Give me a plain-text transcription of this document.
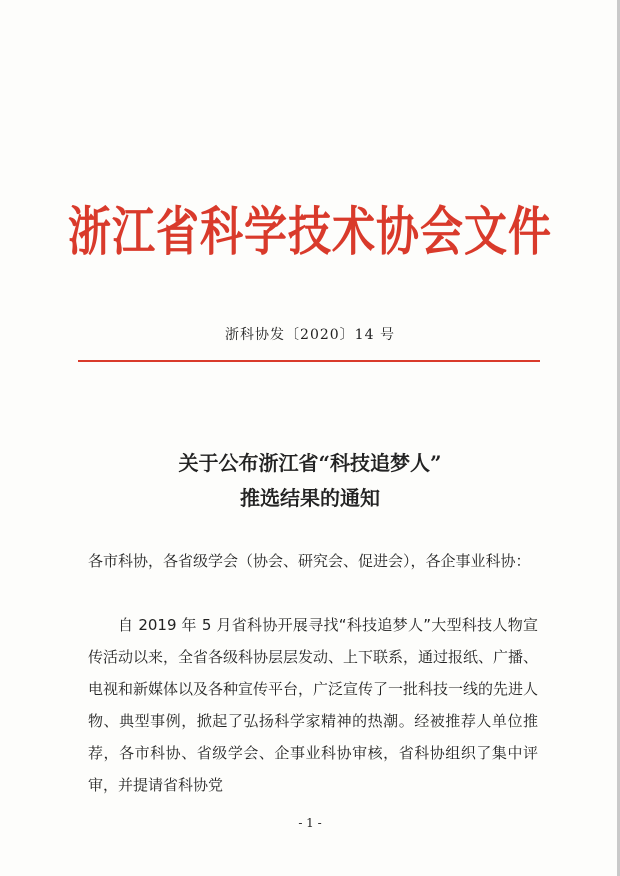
浙江省科学技术协会文件
浙科协发〔2020〕14 号
关于公布浙江省“科技追梦人”
推选结果的通知

各市科协，各省级学会（协会、研究会、促进会），各企事业科协：

自 2019 年 5 月省科协开展寻找“科技追梦人”大型科技人物宣传活动以来，全省各级科协层层发动、上下联系，通过报纸、广播、电视和新媒体以及各种宣传平台，广泛宣传了一批科技一线的先进人物、典型事例，掀起了弘扬科学家精神的热潮。经被推荐人单位推荐，各市科协、省级学会、企事业科协审核，省科协组织了集中评审，并提请省科协党

- 1 -
